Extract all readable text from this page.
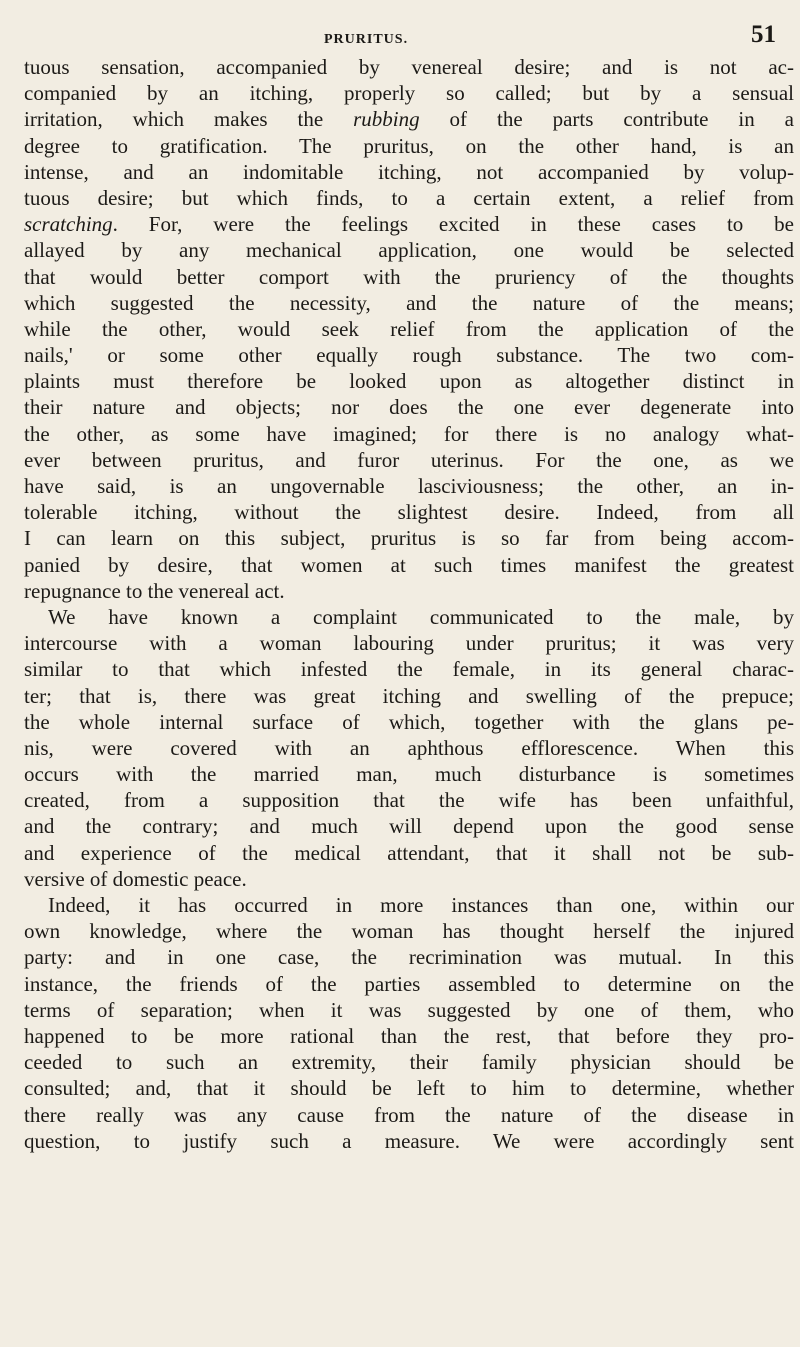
PRURITUS.	51
tuous sensation, accompanied by venereal desire; and is not ac-
companied by an itching, properly so called; but by a sensual
irritation, which makes the rubbing of the parts contribute in a
degree to gratification. The pruritus, on the other hand, is an
intense, and an indomitable itching, not accompanied by volup-
tuous desire; but which finds, to a certain extent, a relief from
scratching. For, were the feelings excited in these cases to be
allayed by any mechanical application, one would be selected
that would better comport with the pruriency of the thoughts
which suggested the necessity, and the nature of the means;
while the other, would seek relief from the application of the
nails,' or some other equally rough substance. The two com-
plaints must therefore be looked upon as altogether distinct in
their nature and objects; nor does the one ever degenerate into
the other, as some have imagined; for there is no analogy what-
ever between pruritus, and furor uterinus. For the one, as we
have said, is an ungovernable lasciviousness; the other, an in-
tolerable itching, without the slightest desire. Indeed, from all
I can learn on this subject, pruritus is so far from being accom-
panied by desire, that women at such times manifest the greatest
repugnance to the venereal act.
We have known a complaint communicated to the male, by
intercourse with a woman labouring under pruritus; it was very
similar to that which infested the female, in its general charac-
ter; that is, there was great itching and swelling of the prepuce;
the whole internal surface of which, together with the glans pe-
nis, were covered with an aphthous efflorescence. When this
occurs with the married man, much disturbance is sometimes
created, from a supposition that the wife has been unfaithful,
and the contrary; and much will depend upon the good sense
and experience of the medical attendant, that it shall not be sub-
versive of domestic peace.
Indeed, it has occurred in more instances than one, within our
own knowledge, where the woman has thought herself the injured
party: and in one case, the recrimination was mutual. In this
instance, the friends of the parties assembled to determine on the
terms of separation; when it was suggested by one of them, who
happened to be more rational than the rest, that before they pro-
ceeded to such an extremity, their family physician should be
consulted; and, that it should be left to him to determine, whether
there really was any cause from the nature of the disease in
question, to justify such a measure. We were accordingly sent
